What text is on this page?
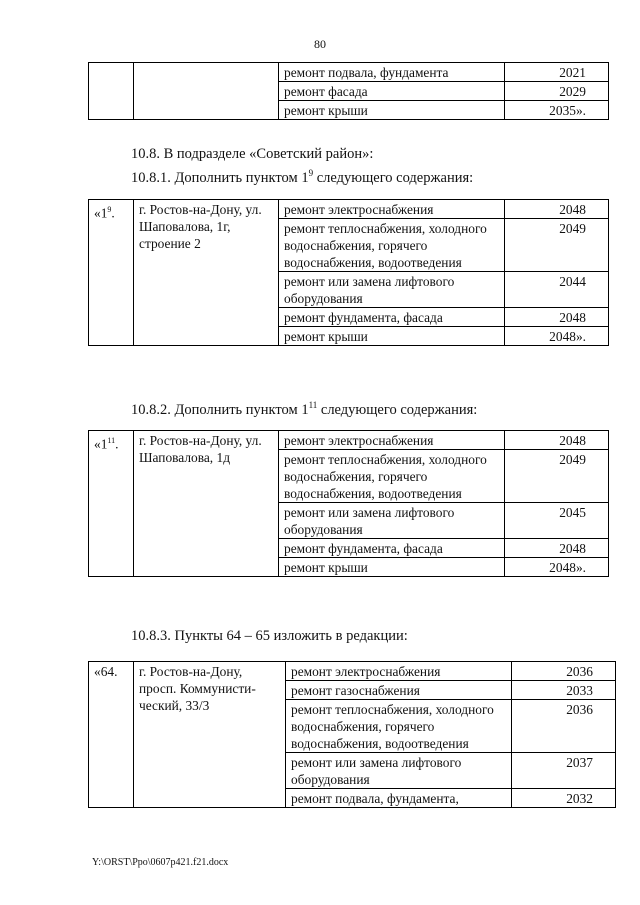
80
		ремонт подвала, фундамента	2021
		ремонт фасада	2029
		ремонт крыши	2035».
10.8. В подразделе «Советский район»:
10.8.1. Дополнить пунктом $1^9$ следующего содержания:
«$1^9$.	г. Ростов-на-Дону, ул. Шаповалова, 1г, строение 2	ремонт электроснабжения	2048
		ремонт теплоснабжения, холодного водоснабжения, горячего водоснабжения, водоотведения	2049
		ремонт или замена лифтового оборудования	2044
		ремонт фундамента, фасада	2048
		ремонт крыши	2048».
10.8.2. Дополнить пунктом $1^{11}$ следующего содержания:
«$1^{11}$.	г. Ростов-на-Дону, ул. Шаповалова, 1д	ремонт электроснабжения	2048
		ремонт теплоснабжения, холодного водоснабжения, горячего водоснабжения, водоотведения	2049
		ремонт или замена лифтового оборудования	2045
		ремонт фундамента, фасада	2048
		ремонт крыши	2048».
10.8.3. Пункты 64 – 65 изложить в редакции:
«64.	г. Ростов-на-Дону, просп. Коммунисти-ческий, 33/3	ремонт электроснабжения	2036
		ремонт газоснабжения	2033
		ремонт теплоснабжения, холодного водоснабжения, горячего водоснабжения, водоотведения	2036
		ремонт или замена лифтового оборудования	2037
		ремонт подвала, фундамента,	2032
Y:\ORST\Ppo\0607p421.f21.docx
